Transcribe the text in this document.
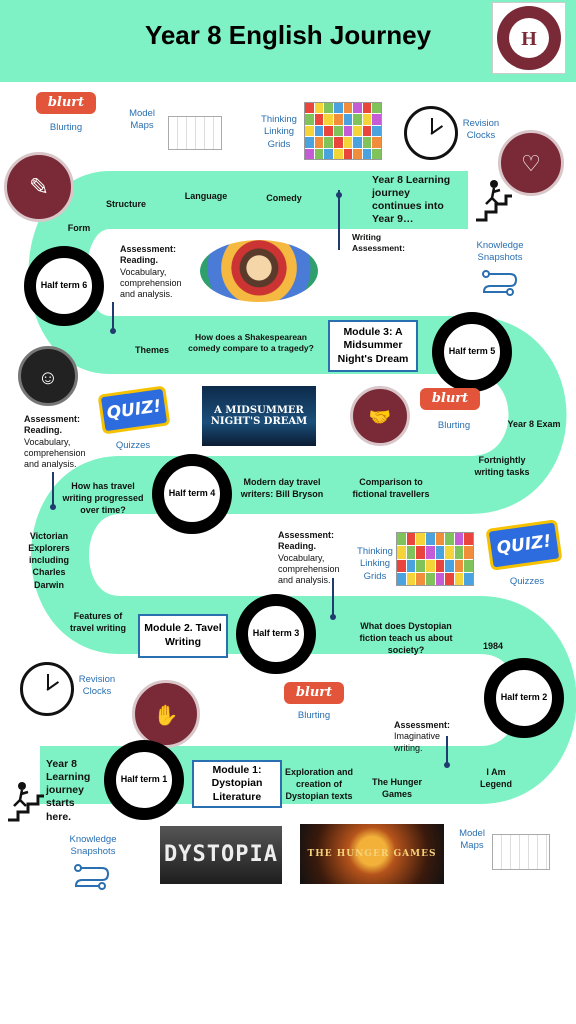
Year 8 English Journey	H
blurt
Blurting
Model
Maps
Thinking
Linking
Grids
Revision
Clocks
✎
♡
Form
Structure
Language	Comedy
Year 8 Learning journey continues into Year 9…
Writing Assessment:	Knowledge
Snapshots
Half term 6
Assessment: Reading. Vocabulary, comprehension and analysis.
Themes
How does a Shakespearean comedy compare to a tragedy?
Module 3: A Midsummer Night's Dream
Half term 5
☺
Assessment: Reading. Vocabulary, comprehension and analysis.
QUIZ!
Quizzes
A MIDSUMMER NIGHT'S DREAM	🤝
blurt
Blurting	Year 8 Exam
Fortnightly writing tasks
How has travel writing progressed over time?
Half term 4
Modern day travel writers: Bill Bryson
Comparison to fictional travellers
Victorian Explorers including Charles Darwin
Assessment: Reading. Vocabulary, comprehension and analysis.
Thinking
Linking
Grids
QUIZ!
Quizzes
Features of travel writing	Module 2. Tavel Writing
Half term 3
What does Dystopian fiction teach us about society?	1984
Revision
Clocks
✋
blurt
Blurting
Half term 2
Assessment:
Imaginative writing.
I Am Legend
Year 8 Learning journey starts here.
Half term 1
Module 1: Dystopian Literature
Exploration and creation of Dystopian texts
The Hunger Games
Knowledge
Snapshots DYSTOPIA	THE HUNGER GAMES
Model
Maps
